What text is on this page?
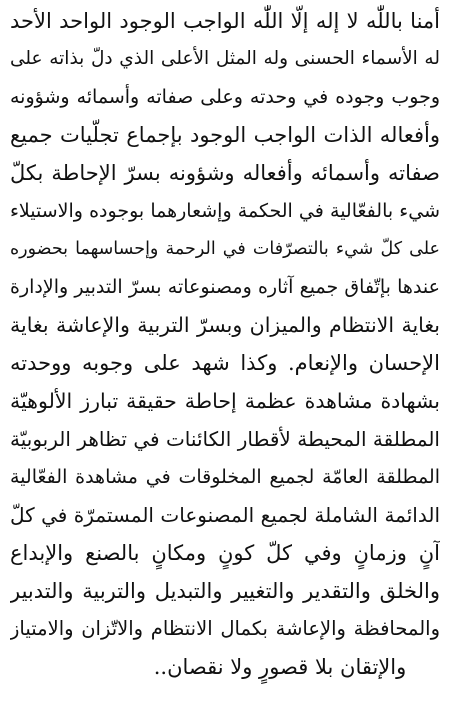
أمنا باللّٰه لا إله إلّا اللّٰه الواجب الوجود الواحد الأحد
له الأسماء الحسنى وله المثل الأعلى الذي دلّ بذاته على
وجوب وجوده في وحدته وعلى صفاته وأسمائه وشؤونه
وأفعاله الذات الواجب الوجود بإجماع تجلّيات جميع
صفاته وأسمائه وأفعاله وشؤونه بسرّ الإحاطة بكلّ
شيء بالفعّالية في الحكمة وإشعارهما بوجوده والاستيلاء
على كلّ شيء بالتصرّفات في الرحمة وإحساسهما بحضوره
عندها بإتّفاق جميع آثاره ومصنوعاته بسرّ التدبير والإدارة
بغاية الانتظام والميزان وبسرّ التربية والإعاشة بغاية
الإحسان والإنعام. وكذا شهد على وجوبه ووحدته
بشهادة مشاهدة عظمة إحاطة حقيقة تبارز الألوهيّة
المطلقة المحيطة لأقطار الكائنات في تظاهر الربوبيّة
المطلقة العامّة لجميع المخلوقات في مشاهدة الفعّالية
الدائمة الشاملة لجميع المصنوعات المستمرّة في كلّ
آنٍ وزمانٍ وفي كلّ كونٍ ومكانٍ بالصنع والإبداع
والخلق والتقدير والتغيير والتبديل والتربية والتدبير
والمحافظة والإعاشة بكمال الانتظام والاتّزان والامتياز
والإتقان بلا قصورٍ ولا نقصان..
